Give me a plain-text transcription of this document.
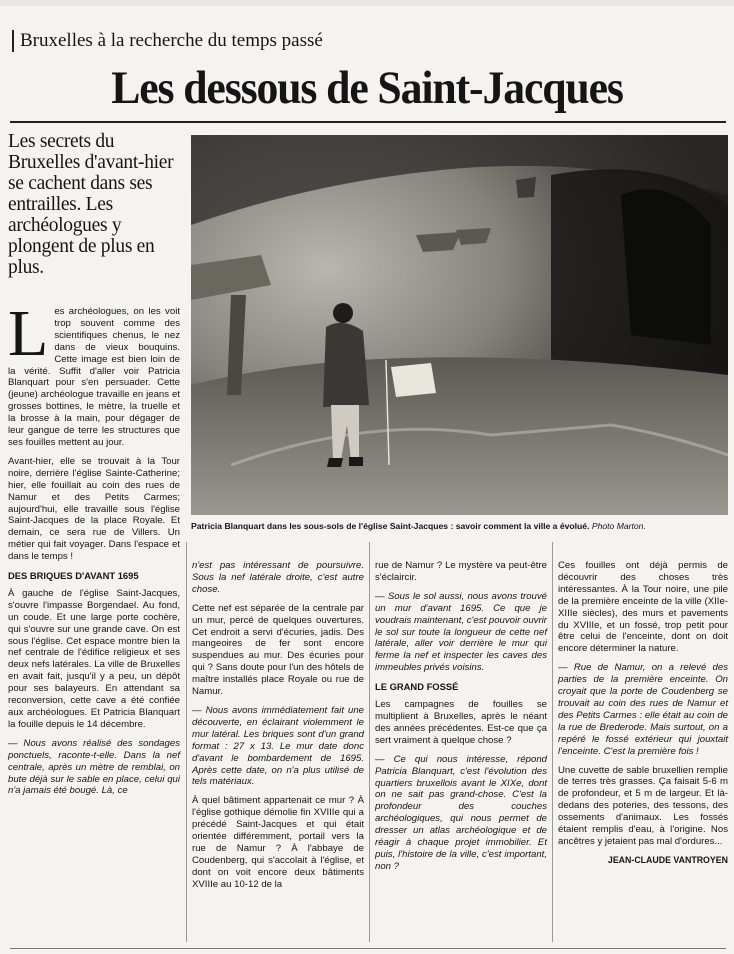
Bruxelles à la recherche du temps passé
Les dessous de Saint-Jacques
Les secrets du Bruxelles d'avant-hier se cachent dans ses entrailles. Les archéologues y plongent de plus en plus.
Patricia Blanquart dans les sous-sols de l'église Saint-Jacques : savoir comment la ville a évolué. Photo Marton.

Les archéologues, on les voit trop souvent comme des scientifiques chenus, le nez dans de vieux bouquins. Cette image est bien loin de la vérité. Suffit d'aller voir Patricia Blanquart pour s'en persuader. Cette (jeune) archéologue travaille en jeans et grosses bottines, le mètre, la truelle et la brosse à la main, pour dégager de leur gangue de terre les structures que ses fouilles mettent au jour.

Avant-hier, elle se trouvait à la Tour noire, derrière l'église Sainte-Catherine; hier, elle fouillait au coin des rues de Namur et des Petits Carmes; aujourd'hui, elle travaille sous l'église Saint-Jacques de la place Royale. Et demain, ce sera rue de Villers. Un métier qui fait voyager. Dans l'espace et dans le temps !

DES BRIQUES D'AVANT 1695

À gauche de l'église Saint-Jacques, s'ouvre l'impasse Borgendael. Au fond, un coude. Et une large porte cochère, qui s'ouvre sur une grande cave. On est sous l'église. Cet espace montre bien la nef centrale de l'édifice religieux et ses deux nefs latérales. La ville de Bruxelles en avait fait, jusqu'il y a peu, un dépôt pour ses balayeurs. En attendant sa reconversion, cette cave a été confiée aux archéologues. Et Patricia Blanquart la fouille depuis le 14 décembre.

— Nous avons réalisé des sondages ponctuels, raconte-t-elle. Dans la nef centrale, après un mètre de remblai, on bute déjà sur le sable en place, celui qui n'a jamais été bougé. Là, ce

n'est pas intéressant de poursuivre. Sous la nef latérale droite, c'est autre chose.

Cette nef est séparée de la centrale par un mur, percé de quelques ouvertures. Cet endroit a servi d'écuries, jadis. Des mangeoires de fer sont encore suspendues au mur. Des écuries pour qui ? Sans doute pour l'un des hôtels de maître installés place Royale ou rue de Namur.

— Nous avons immédiatement fait une découverte, en éclairant violemment le mur latéral. Les briques sont d'un grand format : 27 x 13. Le mur date donc d'avant le bombardement de 1695. Après cette date, on n'a plus utilisé de tels matériaux.

À quel bâtiment appartenait ce mur ? À l'église gothique démolie fin XVIIIe qui a précédé Saint-Jacques et qui était orientée différemment, portail vers la rue de Namur ? À l'abbaye de Coudenberg, qui s'accolait à l'église, et dont on voit encore deux bâtiments XVIIIe au 10-12 de la

rue de Namur ? Le mystère va peut-être s'éclaircir.

— Sous le sol aussi, nous avons trouvé un mur d'avant 1695. Ce que je voudrais maintenant, c'est pouvoir ouvrir le sol sur toute la longueur de cette nef latérale, aller voir derrière le mur qui ferme la nef et inspecter les caves des immeubles privés voisins.

LE GRAND FOSSÉ

Les campagnes de fouilles se multiplient à Bruxelles, après le néant des années précédentes. Est-ce que ça sert vraiment à quelque chose ?

— Ce qui nous intéresse, répond Patricia Blanquart, c'est l'évolution des quartiers bruxellois avant le XIXe, dont on ne sait pas grand-chose. C'est la profondeur des couches archéologiques, qui nous permet de dresser un atlas archéologique et de réagir à chaque projet immobilier. Et puis, l'histoire de la ville, c'est important, non ?

Ces fouilles ont déjà permis de découvrir des choses très intéressantes. À la Tour noire, une pile de la première enceinte de la ville (XIIe-XIIIe siècles), des murs et pavements du XVIIIe, et un fossé, trop petit pour être celui de l'enceinte, dont on doit encore déterminer la nature.

— Rue de Namur, on a relevé des parties de la première enceinte. On croyait que la porte de Coudenberg se trouvait au coin des rues de Namur et des Petits Carmes : elle était au coin de la rue de Brederode. Mais surtout, on a repéré le fossé extérieur qui jouxtait l'enceinte. C'est la première fois !

Une cuvette de sable bruxellien remplie de terres très grasses. Ça faisait 5-6 m de profondeur, et 5 m de largeur. Et là-dedans des poteries, des tessons, des ossements d'animaux. Les fossés étaient remplis d'eau, à l'origine. Nos ancêtres y jetaient pas mal d'ordures...

JEAN-CLAUDE VANTROYEN
